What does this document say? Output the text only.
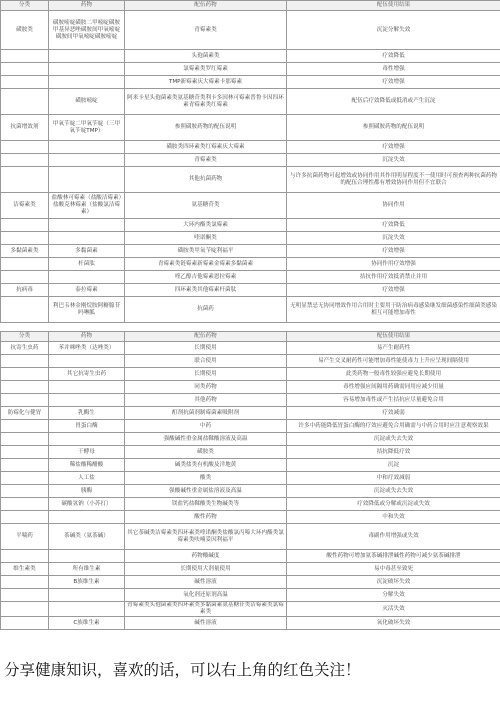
分类	药物	配伍药物	配伍使用结果
磺胺类	磺胺嘧啶磺胺二甲嘧啶磺胺甲基异恶唑磺胺间甲氧嘧啶磺胺间甲氧嘧啶磺胺嘧啶	青霉素类	沉淀分解失效
		头孢菌素类	疗效降低
		氯霉素类罗红霉素	毒性增强
		TMP新霉素庆大霉素卡那霉素	疗效增强
	磺胺嘧啶	阿米卡星头孢菌素类氨基糖苷类利卡多因林可霉素普鲁卡因四环素青霉素类红霉素	配伍后疗效降低或抵消或产生沉淀
抗菌增效剂	甲氧苄啶二甲氧苄啶（三甲氧苄啶TMP）	参照磺胺药物的配伍说明	参照磺胺药物的配伍说明
		磺胺类四环素类红霉素庆大霉素	疗效增强
		青霉素类	沉淀失效
		其他抗菌药物	与许多抗菌药物可起增效或协同作用其作用明显程度不一使用时可预查两种抗菌药物的配伍合理性都有增效协同作用但不宜联合
洁霉素类	盐酸林可霉素（盐酸洁霉素）盐酸克林霉素（盐酸氯洁霉素）	氨基糖苷类	协同作用
		大环内酯类氯霉素	疗效降低
		喹诺酮类	沉淀失效
多黏菌素类	多黏菌素	磺胺类甲氧苄啶利福平	疗效增强
	杆菌肽	青霉素类链霉素新霉素金霉素多黏菌素	协同作用疗效增强
		喹乙醇吉他霉素恩拉霉素	拮抗作用疗效抵消禁止并用
抗病毒	泰拉霉素	四环素类其他霉素杆菌肽	疗效增强
	利巴韦林金刚烷胺阿糖腺苷吗啉胍	抗菌药	无明显禁忌无协同增效作用合用时主要用于防治病毒感染继发细菌感染性细菌类感染相互可能增加毒性
分类	药物	配伍药物	配伍使用结果
抗寄生虫药	苯并咪唑类（达唑类）	长期使用	易产生耐药性
		联合使用	易产生交叉耐药性可能增加毒性能使毒力上升应呈现间隔使用
	其它抗寄生虫药	长期使用	此类药物一般毒性较强应避免长期使用
		同类药物	毒性增强应间隔用药确需同用应减少用量
		其他药物	容易增加毒性或产生拮抗应尽量避免合用
防霉化与健胃	乳酶生	酊剂抗菌剂制霉菌素吸附剂	疗效减弱
	胃蛋白酶	中药	许多中药能降低胃蛋白酶的疗效应避免合用确需与中药合用时应注意观察效果
		强酸碱性重金属盐鞣酸溶液及高温	沉淀或失去失效
	干酵母	磺胺类	拮抗降低疗效
	稀盐酸稀醋酸	碱类盐类有机酸及洋地黄	沉淀
	人工盐	酸类	中和疗效减弱
	胰酶	强酸碱性重金属盐溶液及高温	沉淀或失去失效
	碳酸氢钠（小苏打）	镁盐钙盐鞣酸类生物碱类等	疗效降低或分解或沉淀或失效
		酸性药物	中和失效
平喘药	茶碱类（氨茶碱）	其它茶碱类洁霉素类四环素类喹诺酮类盐酸氯丙嗪大环内酯类氯霉素类呋喃妥因利福平	毒副作用增强或失效
		药物酸碱度	酸性药物可增加氨茶碱排泄碱性药物可减少氨茶碱排泄
维生素类	所有维生素	长期使用大剂量使用	易中毒甚至致死
	B族维生素	碱性溶液	沉淀破坏失效
		氧化剂还原剂高温	分解失效
		青霉素类头孢菌素类四环素类多黏菌素氨基糖苷类洁霉素类氯霉素类	灭活失效
	C族维生素	碱性溶液	氧化破坏失效
分享健康知识，喜欢的话，可以右上角的红色关注！
